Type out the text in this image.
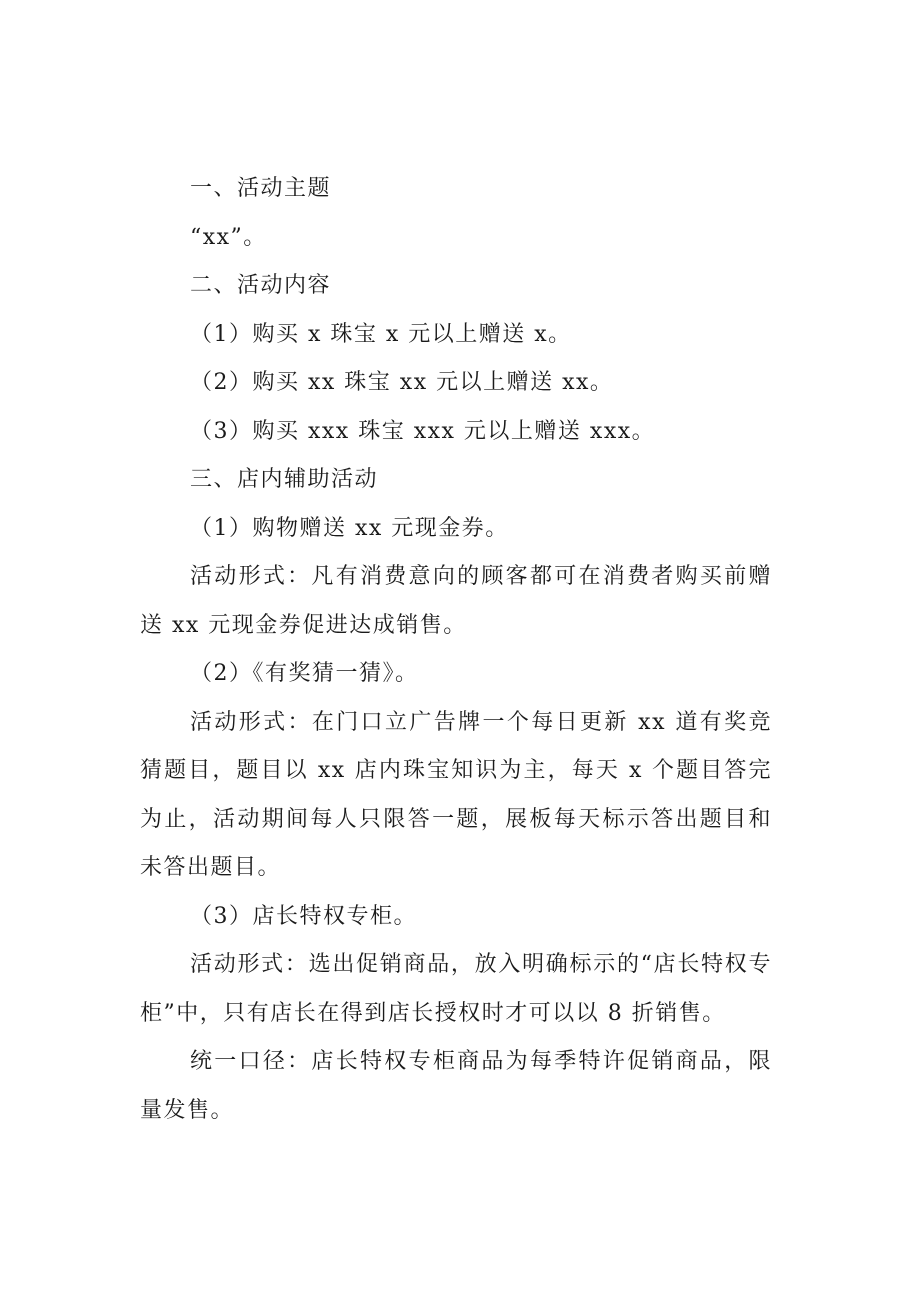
一、活动主题

“xx”。

二、活动内容

（1）购买 x 珠宝 x 元以上赠送 x。

（2）购买 xx 珠宝 xx 元以上赠送 xx。

（3）购买 xxx 珠宝 xxx 元以上赠送 xxx。

三、店内辅助活动

（1）购物赠送 xx 元现金券。

活动形式：凡有消费意向的顾客都可在消费者购买前赠送 xx 元现金券促进达成销售。

（2）《有奖猜一猜》。

活动形式：在门口立广告牌一个每日更新 xx 道有奖竞猜题目，题目以 xx 店内珠宝知识为主，每天 x 个题目答完为止，活动期间每人只限答一题，展板每天标示答出题目和未答出题目。

（3）店长特权专柜。

活动形式：选出促销商品，放入明确标示的“店长特权专柜”中，只有店长在得到店长授权时才可以以 8 折销售。

统一口径：店长特权专柜商品为每季特许促销商品，限量发售。
